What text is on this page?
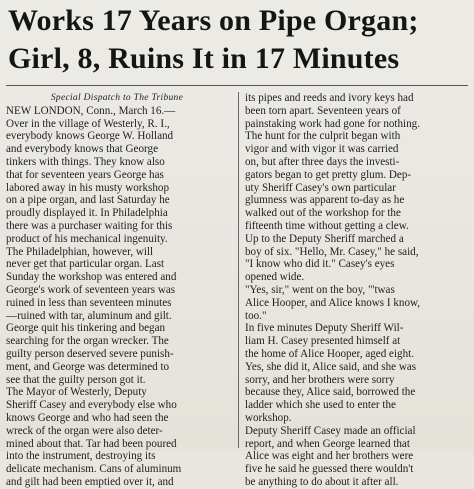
Works 17 Years on Pipe Organ;
Girl, 8, Ruins It in 17 Minutes
Special Dispatch to The Tribune
NEW LONDON, Conn., March 16.—
Over in the village of Westerly, R. I.,
everybody knows George W. Holland
and everybody knows that George
tinkers with things. They know also
that for seventeen years George has
labored away in his musty workshop
on a pipe organ, and last Saturday he
proudly displayed it. In Philadelphia
there was a purchaser waiting for this
product of his mechanical ingenuity.
The Philadelphian, however, will
never get that particular organ. Last
Sunday the workshop was entered and
George's work of seventeen years was
ruined in less than seventeen minutes
—ruined with tar, aluminum and gilt.
George quit his tinkering and began
searching for the organ wrecker. The
guilty person deserved severe punish-
ment, and George was determined to
see that the guilty person got it.
The Mayor of Westerly, Deputy
Sheriff Casey and everybody else who
knows George and who had seen the
wreck of the organ were also deter-
mined about that. Tar had been poured
into the instrument, destroying its
delicate mechanism. Cans of aluminum
and gilt had been emptied over it, and
its pipes and reeds and ivory keys had
been torn apart. Seventeen years of
painstaking work had gone for nothing.
The hunt for the culprit began with
vigor and with vigor it was carried
on, but after three days the investi-
gators began to get pretty glum. Dep-
uty Sheriff Casey's own particular
glumness was apparent to-day as he
walked out of the workshop for the
fifteenth time without getting a clew.
Up to the Deputy Sheriff marched a
boy of six. "Hello, Mr. Casey," he said,
"I know who did it." Casey's eyes
opened wide.
"Yes, sir," went on the boy, "'twas
Alice Hooper, and Alice knows I know,
too."
In five minutes Deputy Sheriff Wil-
liam H. Casey presented himself at
the home of Alice Hooper, aged eight.
Yes, she did it, Alice said, and she was
sorry, and her brothers were sorry
because they, Alice said, borrowed the
ladder which she used to enter the
workshop.
Deputy Sheriff Casey made an official
report, and when George learned that
Alice was eight and her brothers were
five he said he guessed there wouldn't
be anything to do about it after all.
